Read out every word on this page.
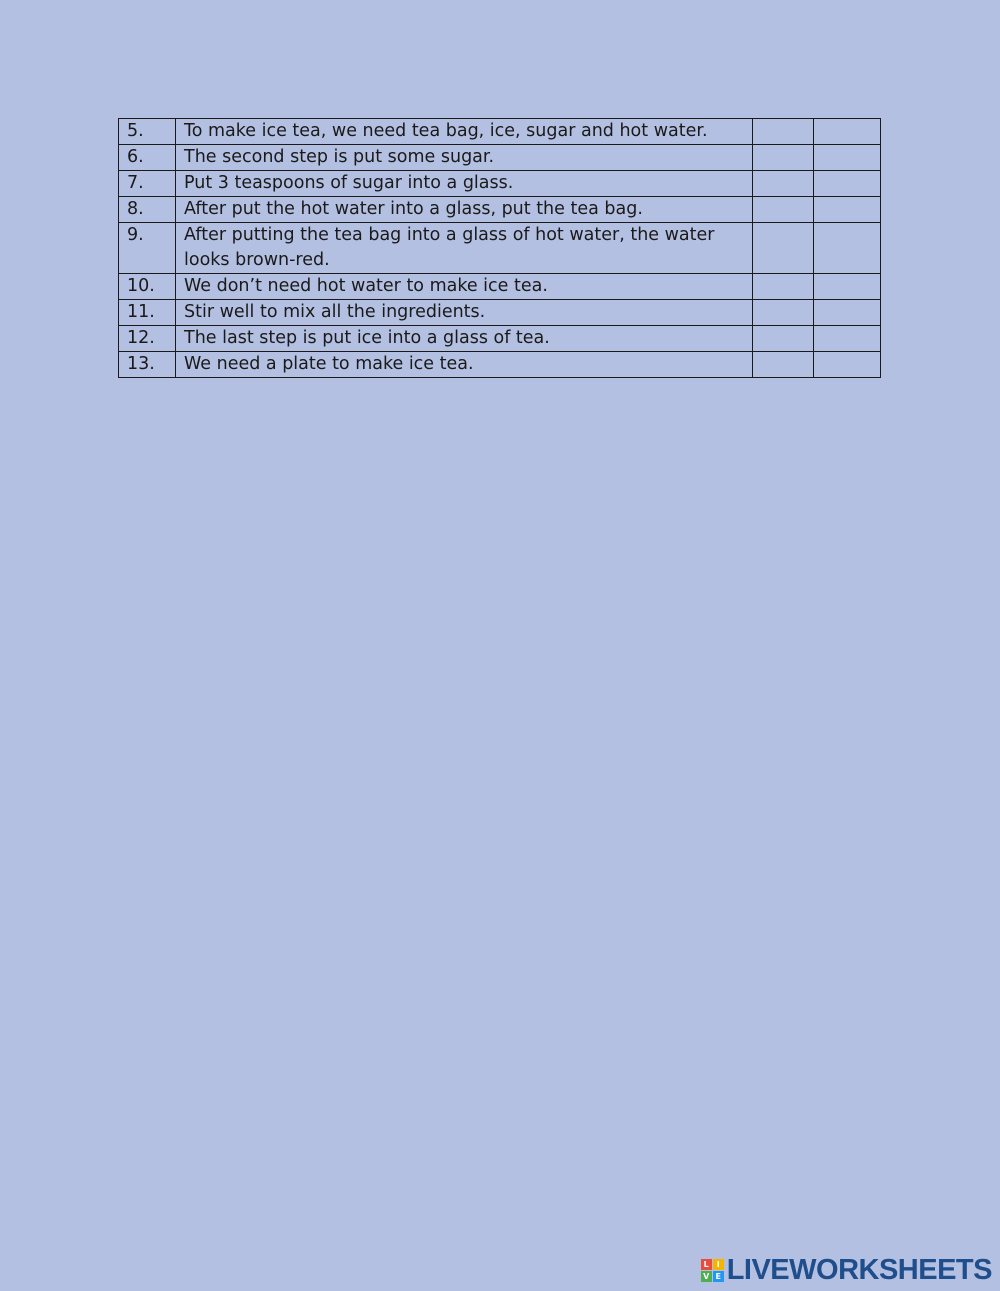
5.	To make ice tea, we need tea bag, ice, sugar and hot water.		
6.	The second step is put some sugar.		
7.	Put 3 teaspoons of sugar into a glass.		
8.	After put the hot water into a glass, put the tea bag.		
9.	After putting the tea bag into a glass of hot water, the water looks brown-red.		
10.	We don’t need hot water to make ice tea.		
11.	Stir well to mix all the ingredients.		
12.	The last step is put ice into a glass of tea.		
13.	We need a plate to make ice tea.		
L I
V E LIVEWORKSHEETS
